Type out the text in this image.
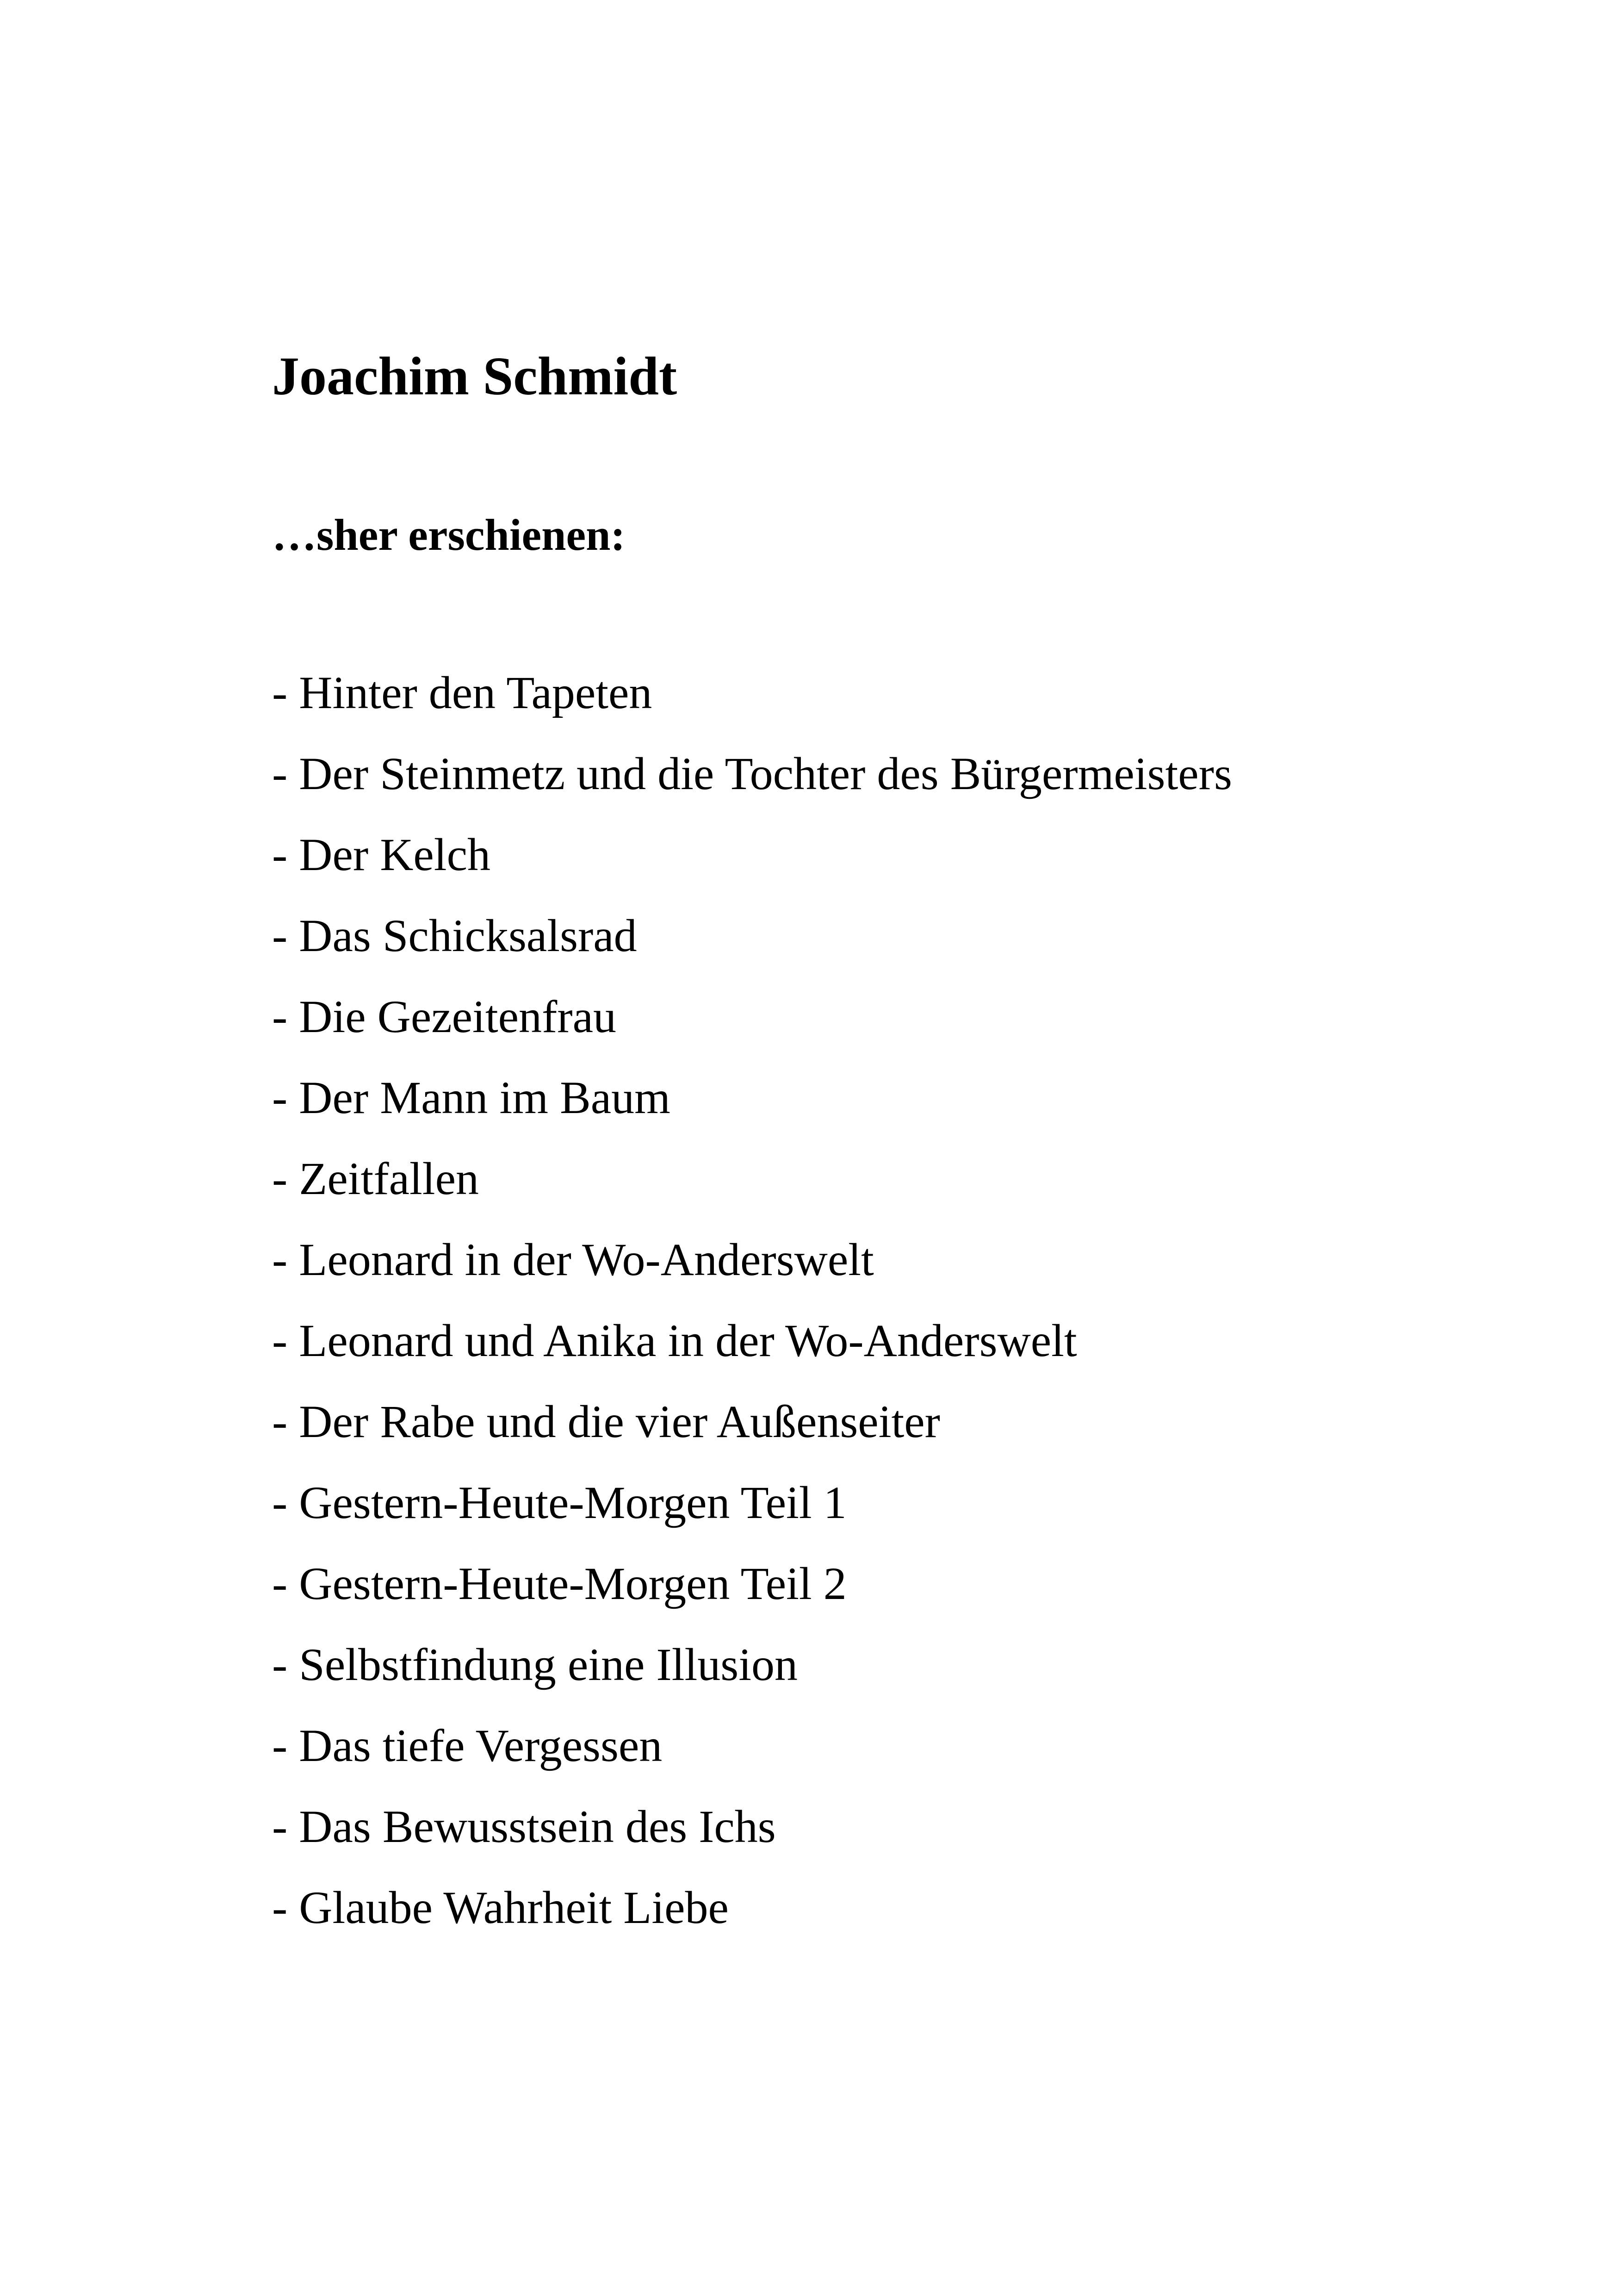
Joachim Schmidt
…sher erschienen:
- Hinter den Tapeten
- Der Steinmetz und die Tochter des Bürgermeisters
- Der Kelch
- Das Schicksalsrad
- Die Gezeitenfrau
- Der Mann im Baum
- Zeitfallen
- Leonard in der Wo-Anderswelt
- Leonard und Anika in der Wo-Anderswelt
- Der Rabe und die vier Außenseiter
- Gestern-Heute-Morgen Teil 1
- Gestern-Heute-Morgen Teil 2
- Selbstfindung eine Illusion
- Das tiefe Vergessen
- Das Bewusstsein des Ichs
- Glaube Wahrheit Liebe
